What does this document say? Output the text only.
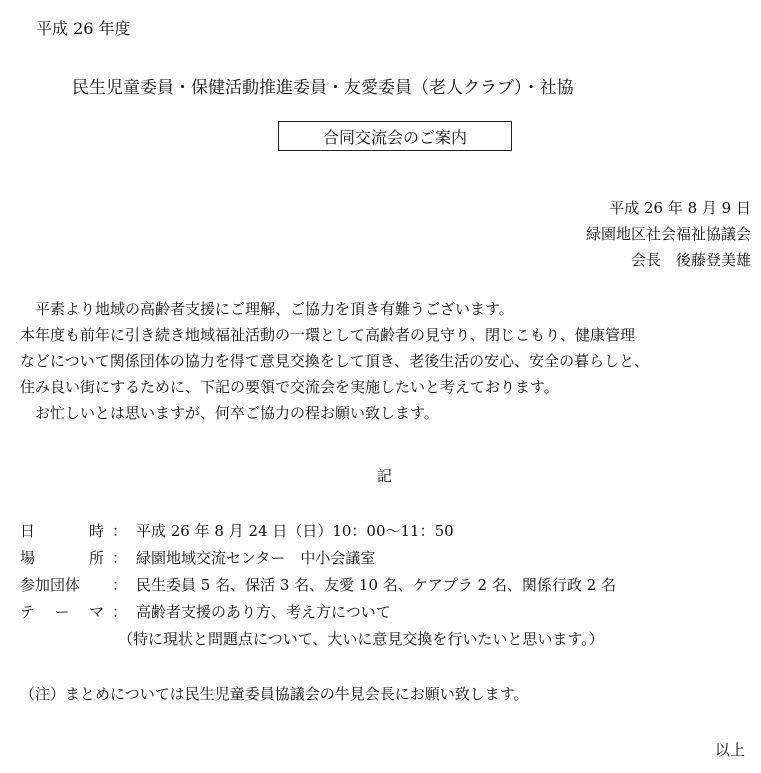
平成 26 年度
民生児童委員・保健活動推進委員・友愛委員（老人クラブ）・社協
合同交流会のご案内
平成 26 年 8 月 9 日
緑園地区社会福祉協議会
会長　後藤登美雄
　平素より地域の高齢者支援にご理解、ご協力を頂き有難うございます。
本年度も前年に引き続き地域福祉活動の一環として高齢者の見守り、閉じこもり、健康管理
などについて関係団体の協力を得て意見交換をして頂き、老後生活の安心、安全の暮らしと、
住み良い街にするために、下記の要領で交流会を実施したいと考えております。
　お忙しいとは思いますが、何卒ご協力の程お願い致します。
記
日	時 ： 平成 26 年 8 月 24 日（日）10：00～11：50
場	所 ： 緑園地域交流センター　中小会議室
参加団体	： 民生委員 5 名、保活 3 名、友愛 10 名、ケアプラ 2 名、関係行政 2 名
テ ー マ ： 高齢者支援のあり方、考え方について
（特に現状と問題点について、大いに意見交換を行いたいと思います。）
（注）まとめについては民生児童委員協議会の牛見会長にお願い致します。
以上
